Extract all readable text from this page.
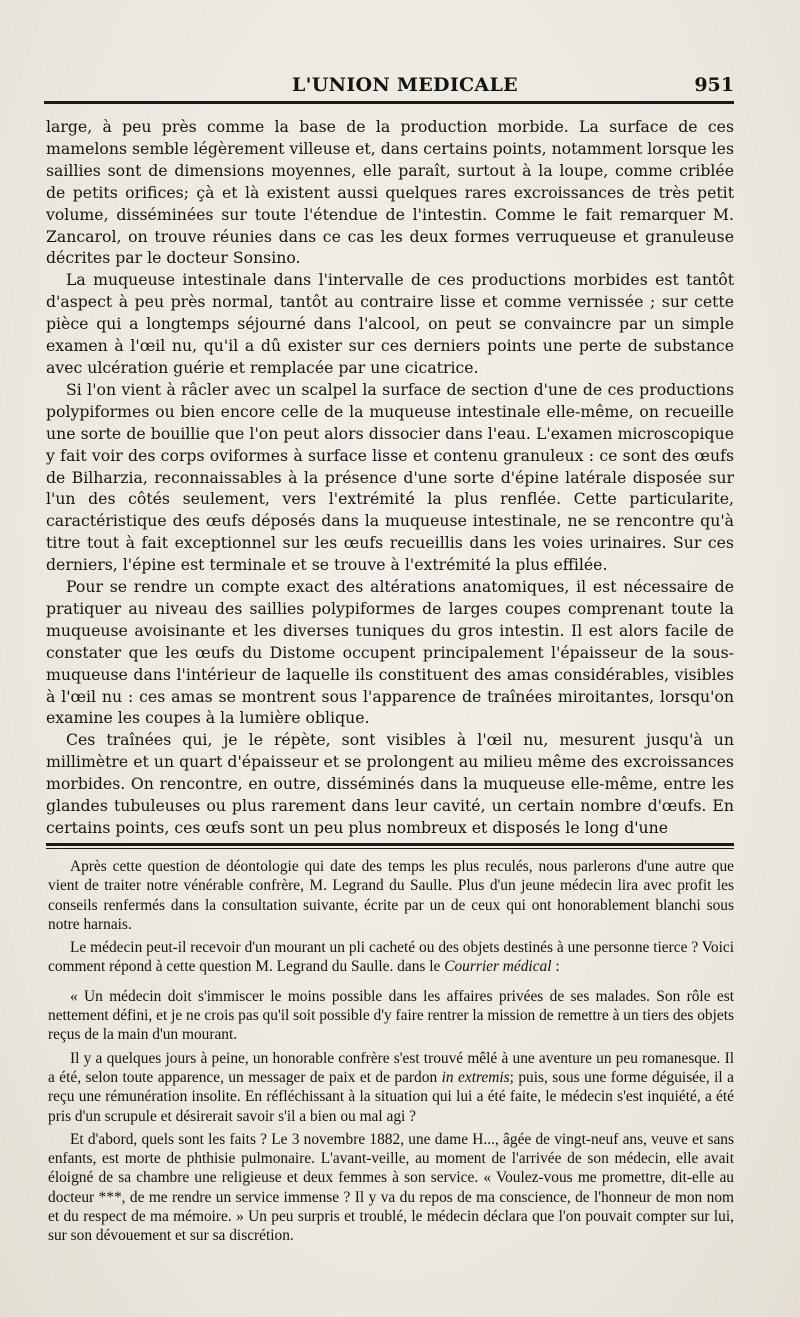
L'UNION MEDICALE	951

large, à peu près comme la base de la production morbide. La surface de ces mamelons semble légèrement villeuse et, dans certains points, notamment lorsque les saillies sont de dimensions moyennes, elle paraît, surtout à la loupe, comme criblée de petits orifices; çà et là existent aussi quelques rares excroissances de très petit volume, disséminées sur toute l'étendue de l'intestin. Comme le fait remarquer M. Zancarol, on trouve réunies dans ce cas les deux formes verruqueuse et granuleuse décrites par le docteur Sonsino.

La muqueuse intestinale dans l'intervalle de ces productions morbides est tantôt d'aspect à peu près normal, tantôt au contraire lisse et comme vernissée ; sur cette pièce qui a longtemps séjourné dans l'alcool, on peut se convaincre par un simple examen à l'œil nu, qu'il a dû exister sur ces derniers points une perte de substance avec ulcération guérie et remplacée par une cicatrice.

Si l'on vient à râcler avec un scalpel la surface de section d'une de ces productions polypiformes ou bien encore celle de la muqueuse intestinale elle-même, on recueille une sorte de bouillie que l'on peut alors dissocier dans l'eau. L'examen microscopique y fait voir des corps oviformes à surface lisse et contenu granuleux : ce sont des œufs de Bilharzia, reconnaissables à la présence d'une sorte d'épine latérale disposée sur l'un des côtés seulement, vers l'extrémité la plus renflée. Cette particularite, caractéristique des œufs déposés dans la muqueuse intestinale, ne se rencontre qu'à titre tout à fait exceptionnel sur les œufs recueillis dans les voies urinaires. Sur ces derniers, l'épine est terminale et se trouve à l'extrémité la plus effilée.

Pour se rendre un compte exact des altérations anatomiques, il est nécessaire de pratiquer au niveau des saillies polypiformes de larges coupes comprenant toute la muqueuse avoisinante et les diverses tuniques du gros intestin. Il est alors facile de constater que les œufs du Distome occupent principalement l'épaisseur de la sous-muqueuse dans l'intérieur de laquelle ils constituent des amas considérables, visibles à l'œil nu : ces amas se montrent sous l'apparence de traînées miroitantes, lorsqu'on examine les coupes à la lumière oblique.

Ces traînées qui, je le répète, sont visibles à l'œil nu, mesurent jusqu'à un millimètre et un quart d'épaisseur et se prolongent au milieu même des excroissances morbides. On rencontre, en outre, disséminés dans la muqueuse elle-même, entre les glandes tubuleuses ou plus rarement dans leur cavité, un certain nombre d'œufs. En certains points, ces œufs sont un peu plus nombreux et disposés le long d'une

Après cette question de déontologie qui date des temps les plus reculés, nous parlerons d'une autre que vient de traiter notre vénérable confrère, M. Legrand du Saulle. Plus d'un jeune médecin lira avec profit les conseils renfermés dans la consultation suivante, écrite par un de ceux qui ont honorablement blanchi sous notre harnais.

Le médecin peut-il recevoir d'un mourant un pli cacheté ou des objets destinés à une personne tierce ? Voici comment répond à cette question M. Legrand du Saulle. dans le Courrier médical :

« Un médecin doit s'immiscer le moins possible dans les affaires privées de ses malades. Son rôle est nettement défini, et je ne crois pas qu'il soit possible d'y faire rentrer la mission de remettre à un tiers des objets reçus de la main d'un mourant.

Il y a quelques jours à peine, un honorable confrère s'est trouvé mêlé à une aventure un peu romanesque. Il a été, selon toute apparence, un messager de paix et de pardon in extremis; puis, sous une forme déguisée, il a reçu une rémunération insolite. En réfléchissant à la situation qui lui a été faite, le médecin s'est inquiété, a été pris d'un scrupule et désirerait savoir s'il a bien ou mal agi ?

Et d'abord, quels sont les faits ? Le 3 novembre 1882, une dame H..., âgée de vingt-neuf ans, veuve et sans enfants, est morte de phthisie pulmonaire. L'avant-veille, au moment de l'arrivée de son médecin, elle avait éloigné de sa chambre une religieuse et deux femmes à son service. « Voulez-vous me promettre, dit-elle au docteur ***, de me rendre un service immense ? Il y va du repos de ma conscience, de l'honneur de mon nom et du respect de ma mémoire. » Un peu surpris et troublé, le médecin déclara que l'on pouvait compter sur lui, sur son dévouement et sur sa discrétion.
